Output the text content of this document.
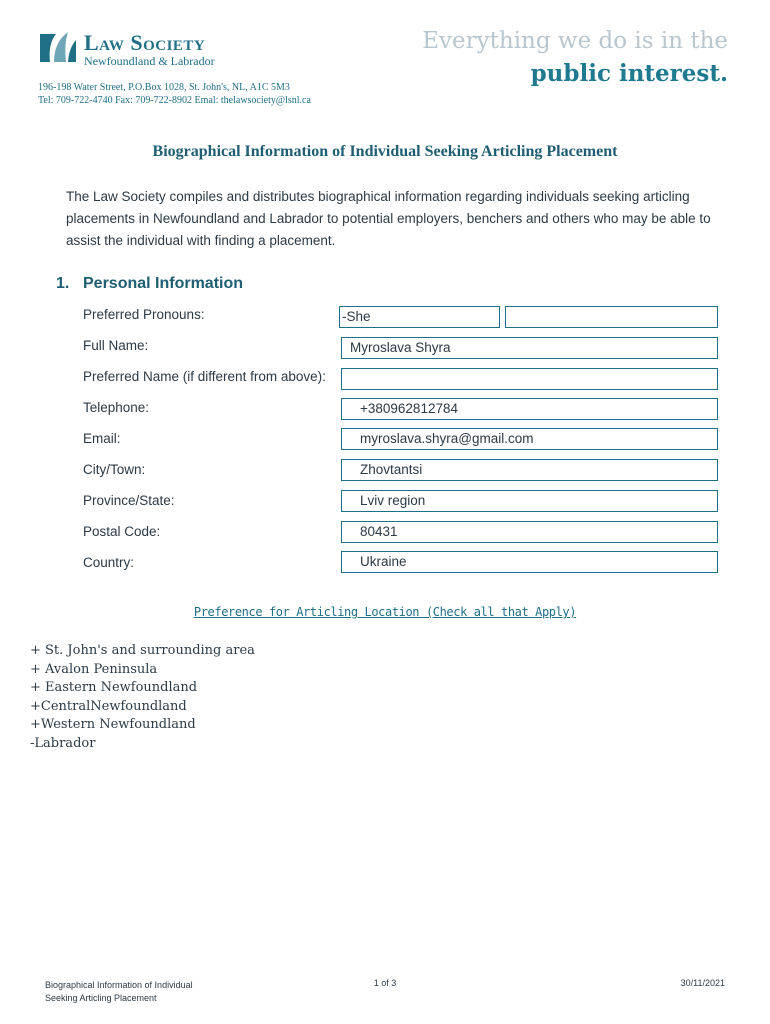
Law Society
Newfoundland & Labrador
196-198 Water Street, P.O.Box 1028, St. John's, NL, A1C 5M3
Tel: 709-722-4740 Fax: 709-722-8902 Emal: thelawsociety@lsnl.ca
Everything we do is in the
public interest.
Biographical Information of Individual Seeking Articling Placement
The Law Society compiles and distributes biographical information regarding individuals seeking articling placements in Newfoundland and Labrador to potential employers, benchers and others who may be able to assist the individual with finding a placement.
1. Personal Information
Preferred Pronouns:	-She
Full Name:	Myroslava Shyra
Preferred Name (if different from above):
Telephone:	+380962812784
Email:	myroslava.shyra@gmail.com
City/Town:	Zhovtantsi
Province/State:	Lviv region
Postal Code:	80431
Country:	Ukraine
Preference for Articling Location (Check all that Apply)
+ St. John's and surrounding area
+ Avalon Peninsula
+ Eastern Newfoundland
+CentralNewfoundland
+Western Newfoundland
-Labrador
Biographical Information of Individual
Seeking Articling Placement
1 of 3	30/11/2021
